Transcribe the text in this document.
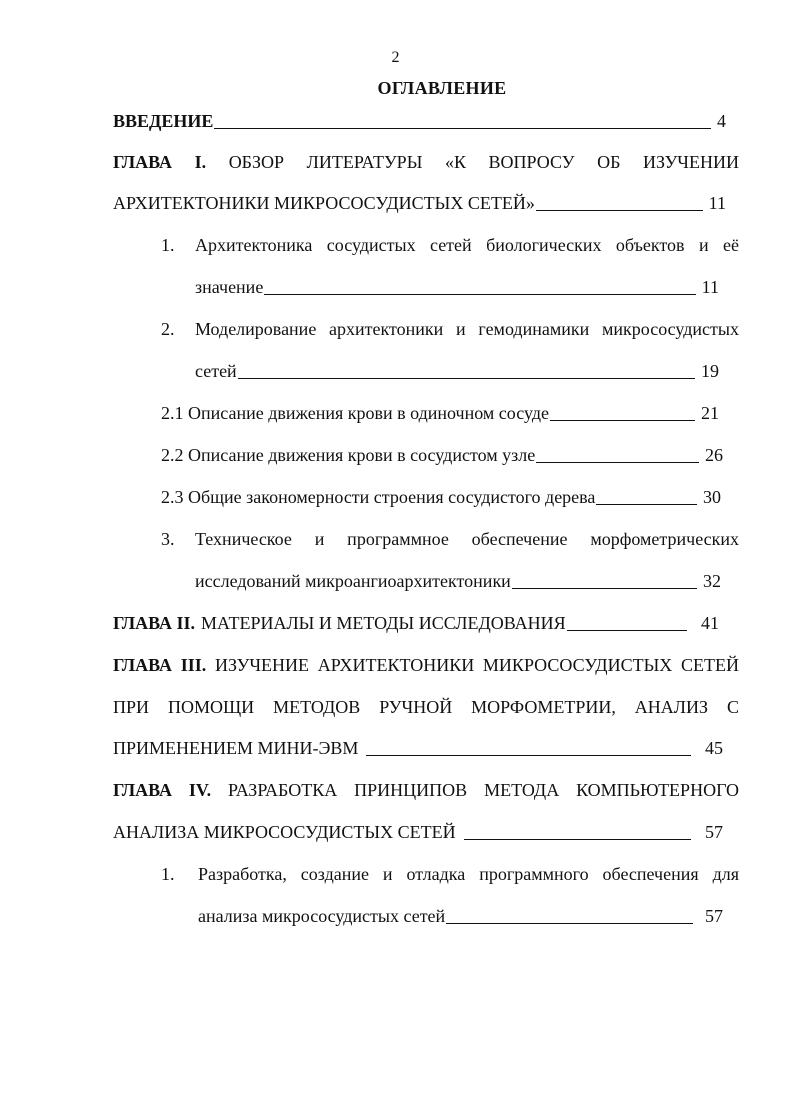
2
ОГЛАВЛЕНИЕ
ВВЕДЕНИЕ	4
ГЛАВА I. ОБЗОР ЛИТЕРАТУРЫ «К ВОПРОСУ ОБ ИЗУЧЕНИИ
АРХИТЕКТОНИКИ МИКРОСОСУДИСТЫХ СЕТЕЙ»	11
1. Архитектоника сосудистых сетей биологических объектов и её
значение	11
2. Моделирование архитектоники и гемодинамики микрососудистых
сетей	19
2.1 Описание движения крови в одиночном сосуде	21
2.2 Описание движения крови в сосудистом узле	26
2.3 Общие закономерности строения сосудистого дерева	30
3. Техническое и программное обеспечение морфометрических
исследований микроангиоархитектоники	32
ГЛАВА II. МАТЕРИАЛЫ И МЕТОДЫ ИССЛЕДОВАНИЯ	41
ГЛАВА III. ИЗУЧЕНИЕ АРХИТЕКТОНИКИ МИКРОСОСУДИСТЫХ СЕТЕЙ
ПРИ ПОМОЩИ МЕТОДОВ РУЧНОЙ МОРФОМЕТРИИ, АНАЛИЗ С
ПРИМЕНЕНИЕМ МИНИ-ЭВМ	45
ГЛАВА IV. РАЗРАБОТКА ПРИНЦИПОВ МЕТОДА КОМПЬЮТЕРНОГО
АНАЛИЗА МИКРОСОСУДИСТЫХ СЕТЕЙ	57
1. Разработка, создание и отладка программного обеспечения для
анализа микрососудистых сетей	57
